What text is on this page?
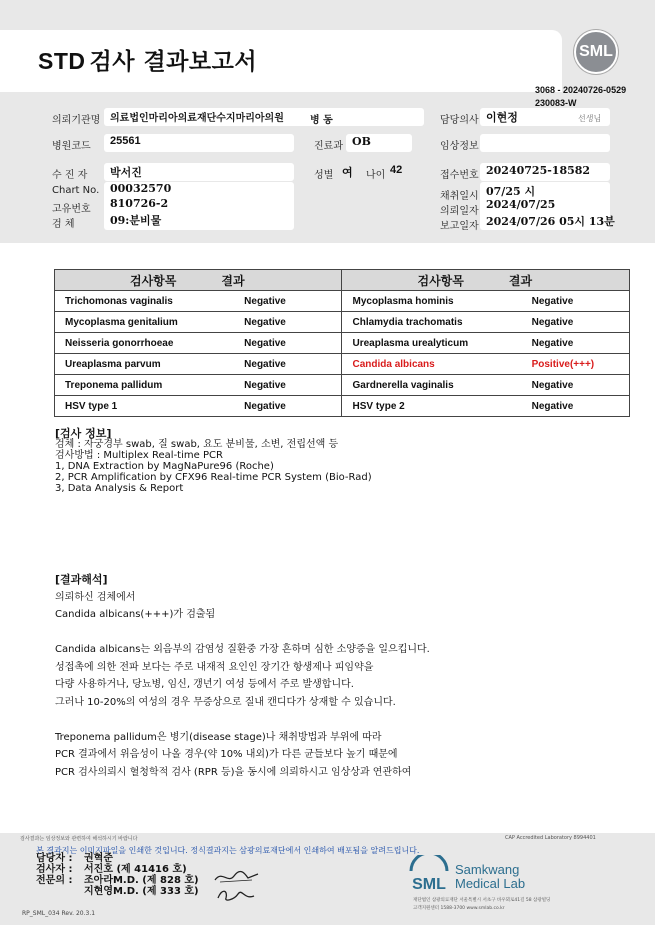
STD 검사 결과보고서	SML
3068 - 20240726-0529
230083-W
의뢰기관명 의료법인마리아의료재단수지마리아의원	병 동	담당의사 이현정	선생님
병원코드	25561	진료과 OB	임상정보
수 진 자	박서진	성별 여	나이 42	접수번호 20240725-18582
Chart No. 00032570
고유번호	810726-2
검 체	09:분비물
채취일시 07/25 시
의뢰일자
2024/07/25
보고일자 2024/07/26 05시 13분
검사항목 결과		검사항목 결과	

Trichomonas vaginalis	Negative	Mycoplasma hominis	Negative
Mycoplasma genitalium	Negative	Chlamydia trachomatis	Negative
Neisseria gonorrhoeae	Negative	Ureaplasma urealyticum	Negative
Ureaplasma parvum	Negative	Candida albicans	Positive(+++)
Treponema pallidum	Negative	Gardnerella vaginalis	Negative
HSV type 1	Negative	HSV type 2	Negative
[검사 정보]
검체 : 자궁경부 swab, 질 swab, 요도 분비물, 소변, 전립선액 등
검사방법 : Multiplex Real-time PCR
1, DNA Extraction by MagNaPure96 (Roche)
2, PCR Amplification by CFX96 Real-time PCR System (Bio-Rad)
3, Data Analysis & Report
[결과해석]
의뢰하신 검체에서
Candida albicans(+++)가 검출됨
Candida albicans는 외음부의 감염성 질환중 가장 흔하며 심한 소양증을 일으킵니다.
성접촉에 의한 전파 보다는 주로 내재적 요인인 장기간 항생제나 피임약을
다량 사용하거나, 당뇨병, 임신, 갱년기 여성 등에서 주로 발생합니다.
그러나 10-20%의 여성의 경우 무증상으로 질내 캔디다가 상재할 수 있습니다.
Treponema pallidum은 병기(disease stage)나 채취방법과 부위에 따라
PCR 결과에서 위음성이 나올 경우(약 10% 내외)가 다른 균들보다 높기 때문에
PCR 검사의뢰시 혈청학적 검사 (RPR 등)을 동시에 의뢰하시고 임상상과 연관하여
검사결과는 임상정보와 관련하여 해석하시기 바랍니다	CAP Accredited Laboratory 8994401
본 결과지는 이미지파일을 인쇄한 것입니다. 정식결과지는 삼광의료재단에서 인쇄하여 배포됨을 알려드립니다.
담당자 :	권혁준
검사자 :	서진호 (제 41416 호)
전문의 :	조아라M.D. (제 828 호)
지현영M.D. (제 333 호)	SML
Samkwang
Medical Lab
재단법인 삼광의료재단 서울특별시 서초구 바우뫼로41길 58 삼광빌딩
고객지원센터 1588-3700 www.smlab.co.kr
RP_SML_034 Rev. 20.3.1
